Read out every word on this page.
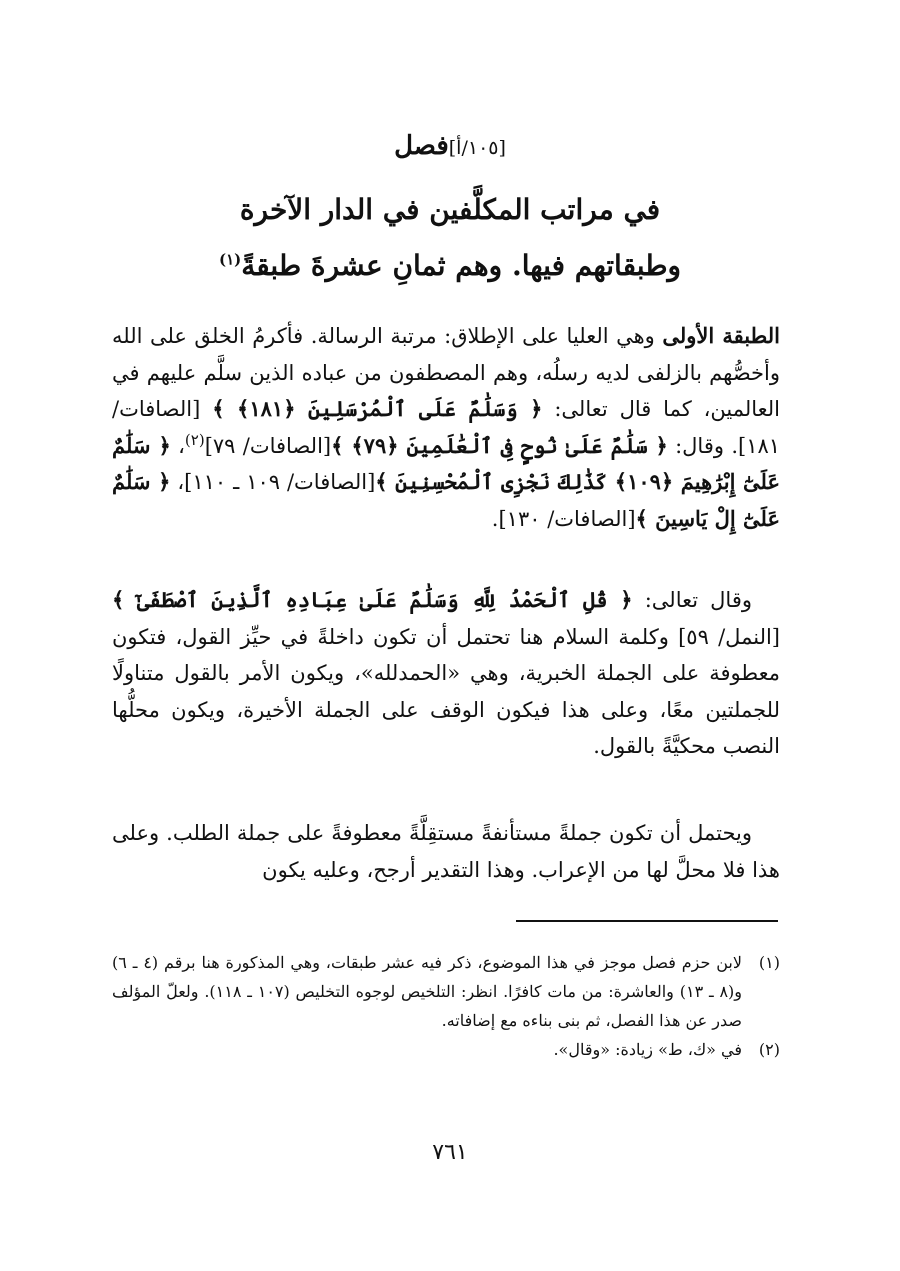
[١٠٥/أ]فصل
في مراتب المكلَّفين في الدار الآخرة
وطبقاتهم فيها. وهم ثمانِ عشرةَ طبقةً$^{(١)}$

الطبقة الأولى وهي العليا على الإطلاق: مرتبة الرسالة. فأكرمُ الخلق على الله وأخصُّهم بالزلفى لديه رسلُه، وهم المصطفون من عباده الذين سلَّم عليهم في العالمين، كما قال تعالى: ﴿ وَسَلَٰمٌ عَلَى ٱلْمُرْسَلِينَ ﴿١٨١﴾ ﴾ [الصافات/ ١٨١]. وقال: ﴿ سَلَٰمٌ عَلَىٰ نُوحٍ فِى ٱلْعَٰلَمِينَ ﴿٧٩﴾ ﴾[الصافات/ ٧٩]$^{(٢)}$، ﴿ سَلَٰمٌ عَلَىٰٓ إِبْرَٰهِيمَ ﴿١٠٩﴾ كَذَٰلِكَ نَجْزِى ٱلْمُحْسِنِينَ ﴾[الصافات/ ١٠٩ ـ ١١٠]، ﴿ سَلَٰمٌ عَلَىٰٓ إِلْ يَاسِينَ ﴾[الصافات/ ١٣٠].

وقال تعالى: ﴿ قُلِ ٱلْحَمْدُ لِلَّهِ وَسَلَٰمٌ عَلَىٰ عِبَادِهِ ٱلَّذِينَ ٱصْطَفَىٰٓ ﴾[النمل/ ٥٩] وكلمة السلام هنا تحتمل أن تكون داخلةً في حيِّز القول، فتكون معطوفة على الجملة الخبرية، وهي «الحمدلله»، ويكون الأمر بالقول متناولًا للجملتين معًا، وعلى هذا فيكون الوقف على الجملة الأخيرة، ويكون محلُّها النصب محكيَّةً بالقول.

ويحتمل أن تكون جملةً مستأنفةً مستقِلَّةً معطوفةً على جملة الطلب. وعلى هذا فلا محلَّ لها من الإعراب. وهذا التقدير أرجح، وعليه يكون

(١)
لابن حزم فصل موجز في هذا الموضوع، ذكر فيه عشر طبقات، وهي المذكورة هنا برقم (٤ ـ ٦) و(٨ ـ ١٣) والعاشرة: من مات كافرًا. انظر: التلخيص لوجوه التخليص (١٠٧ ـ ١١٨). ولعلّ المؤلف صدر عن هذا الفصل، ثم بنى بناءه مع إضافاته.
(٢)
في «ك، ط» زيادة: «وقال».
٧٦١
